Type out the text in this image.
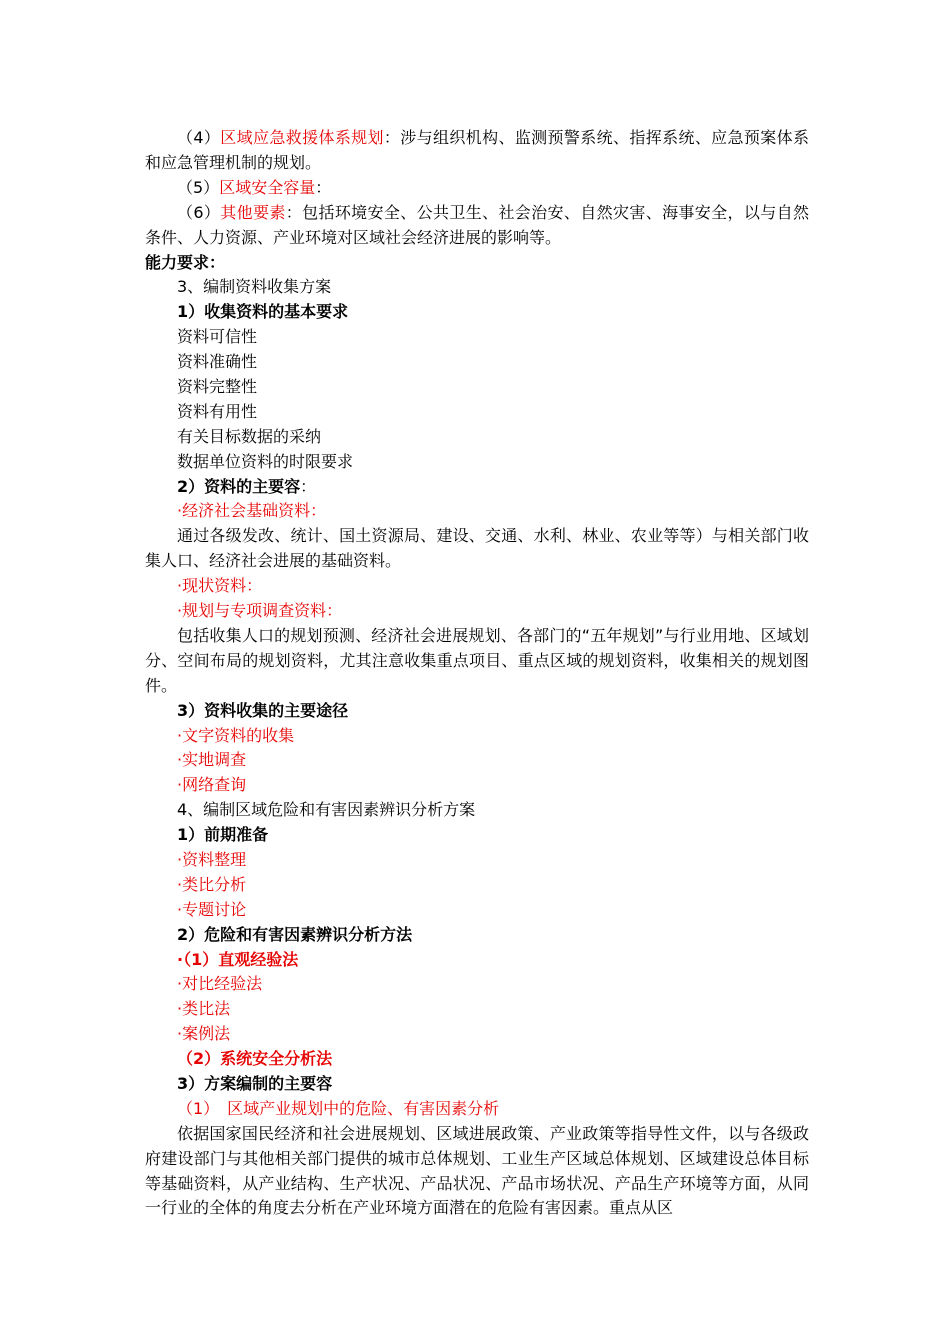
（4）区域应急救援体系规划：涉与组织机构、监测预警系统、指挥系统、应急预案体系和应急管理机制的规划。
（5）区域安全容量：
（6）其他要素：包括环境安全、公共卫生、社会治安、自然灾害、海事安全，以与自然条件、人力资源、产业环境对区域社会经济进展的影响等。
能力要求：
3、编制资料收集方案
1）收集资料的基本要求
资料可信性
资料准确性
资料完整性
资料有用性
有关目标数据的采纳
数据单位资料的时限要求
2）资料的主要容：
·经济社会基础资料：
通过各级发改、统计、国土资源局、建设、交通、水利、林业、农业等等）与相关部门收集人口、经济社会进展的基础资料。
·现状资料：
·规划与专项调查资料：
包括收集人口的规划预测、经济社会进展规划、各部门的“五年规划”与行业用地、区域划分、空间布局的规划资料，尤其注意收集重点项目、重点区域的规划资料，收集相关的规划图件。
3）资料收集的主要途径
·文字资料的收集
·实地调查
·网络查询
4、编制区域危险和有害因素辨识分析方案
1）前期准备
·资料整理
·类比分析
·专题讨论
2）危险和有害因素辨识分析方法
·（1）直观经验法
·对比经验法
·类比法
·案例法
（2）系统安全分析法
3）方案编制的主要容
（1）　区域产业规划中的危险、有害因素分析
依据国家国民经济和社会进展规划、区域进展政策、产业政策等指导性文件，以与各级政府建设部门与其他相关部门提供的城市总体规划、工业生产区域总体规划、区域建设总体目标等基础资料，从产业结构、生产状况、产品状况、产品市场状况、产品生产环境等方面，从同一行业的全体的角度去分析在产业环境方面潜在的危险有害因素。重点从区
